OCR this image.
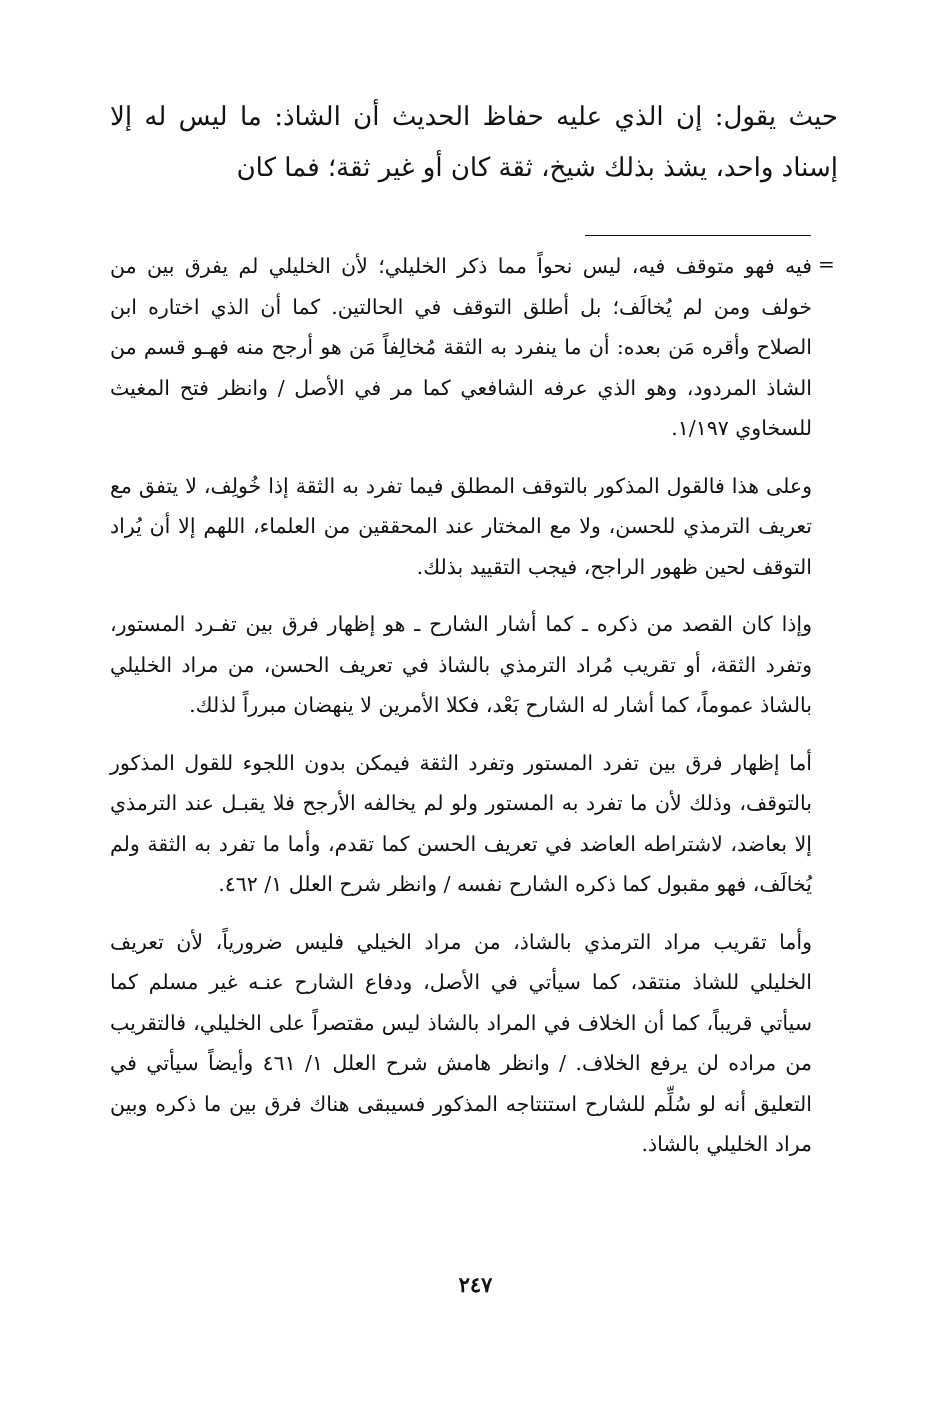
حيث يقول: إن الذي عليه حفاظ الحديث أن الشاذ: ما ليس له إلا إسناد واحد، يشذ بذلك شيخ، ثقة كان أو غير ثقة؛ فما كان

=

فيه فهو متوقف فيه، ليس نحواً مما ذكر الخليلي؛ لأن الخليلي لم يفرق بين من خولف ومن لم يُخالَف؛ بل أطلق التوقف في الحالتين. كما أن الذي اختاره ابن الصلاح وأقره مَن بعده: أن ما ينفرد به الثقة مُخالِفاً مَن هو أرجح منه فهـو قسم من الشاذ المردود، وهو الذي عرفه الشافعي كما مر في الأصل / وانظر فتح المغيث للسخاوي ١/١٩٧.

وعلى هذا فالقول المذكور بالتوقف المطلق فيما تفرد به الثقة إذا خُولِف، لا يتفق مع تعريف الترمذي للحسن، ولا مع المختار عند المحققين من العلماء، اللهم إلا أن يُراد التوقف لحين ظهور الراجح، فيجب التقييد بذلك.

وإذا كان القصد من ذكره ـ كما أشار الشارح ـ هو إظهار فرق بين تفـرد المستور، وتفرد الثقة، أو تقريب مُراد الترمذي بالشاذ في تعريف الحسن، من مراد الخليلي بالشاذ عموماً، كما أشار له الشارح بَعْد، فكلا الأمرين لا ينهضان مبرراً لذلك.

أما إظهار فرق بين تفرد المستور وتفرد الثقة فيمكن بدون اللجوء للقول المذكور بالتوقف، وذلك لأن ما تفرد به المستور ولو لم يخالفه الأرجح فلا يقبـل عند الترمذي إلا بعاضد، لاشتراطه العاضد في تعريف الحسن كما تقدم، وأما ما تفرد به الثقة ولم يُخالَف، فهو مقبول كما ذكره الشارح نفسه / وانظر شرح العلل ١/ ٤٦٢.

وأما تقريب مراد الترمذي بالشاذ، من مراد الخيلي فليس ضرورياً، لأن تعريف الخليلي للشاذ منتقد، كما سيأتي في الأصل، ودفاع الشارح عنـه غير مسلم كما سيأتي قريباً، كما أن الخلاف في المراد بالشاذ ليس مقتصراً على الخليلي، فالتقريب من مراده لن يرفع الخلاف. / وانظر هامش شرح العلل ١/ ٤٦١ وأيضاً سيأتي في التعليق أنه لو سُلِّم للشارح استنتاجه المذكور فسيبقى هناك فرق بين ما ذكره وبين مراد الخليلي بالشاذ.

٢٤٧
